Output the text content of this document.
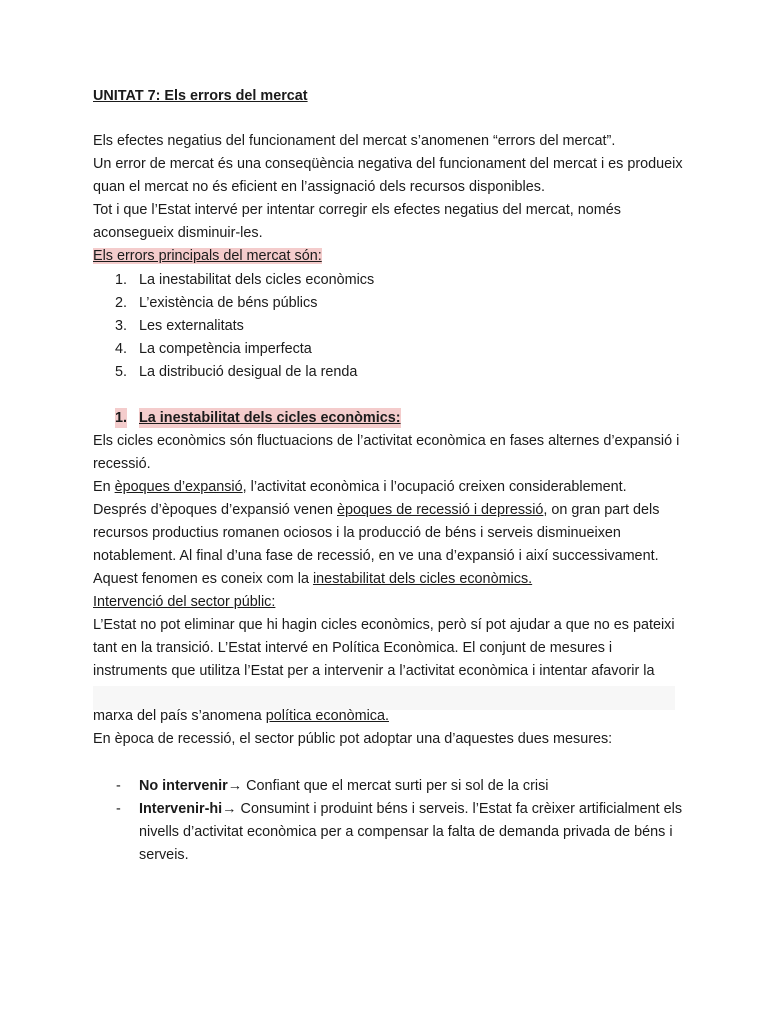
UNITAT 7: Els errors del mercat
Els efectes negatius del funcionament del mercat s’anomenen “errors del mercat”.
Un error de mercat és una conseqüència negativa del funcionament del mercat i es produeix
quan el mercat no és eficient en l’assignació dels recursos disponibles.
Tot i que l’Estat intervé per intentar corregir els efectes negatius del mercat, només
aconsegueix disminuir-les.
Els errors principals del mercat són:
1. La inestabilitat dels cicles econòmics
2. L’existència de béns públics
3. Les externalitats
4. La competència imperfecta
5. La distribució desigual de la renda
1. La inestabilitat dels cicles econòmics:
Els cicles econòmics són fluctuacions de l’activitat econòmica en fases alternes d’expansió i
recessió.
En èpoques d’expansió, l’activitat econòmica i l’ocupació creixen considerablement.
Després d’èpoques d’expansió venen èpoques de recessió i depressió, on gran part dels
recursos productius romanen ociosos i la producció de béns i serveis disminueixen
notablement. Al final d’una fase de recessió, en ve una d’expansió i així successivament.
Aquest fenomen es coneix com la inestabilitat dels cicles econòmics.
Intervenció del sector públic:
L’Estat no pot eliminar que hi hagin cicles econòmics, però sí pot ajudar a que no es pateixi
tant en la transició. L’Estat intervé en Política Econòmica. El conjunt de mesures i
instruments que utilitza l’Estat per a intervenir a l’activitat econòmica i intentar afavorir la
marxa del país s’anomena política econòmica.
En època de recessió, el sector públic pot adoptar una d’aquestes dues mesures:
- No intervenir→ Confiant que el mercat surti per si sol de la crisi
- Intervenir-hi→ Consumint i produint béns i serveis. l’Estat fa crèixer artificialment els
nivells d’activitat econòmica per a compensar la falta de demanda privada de béns i
serveis.
